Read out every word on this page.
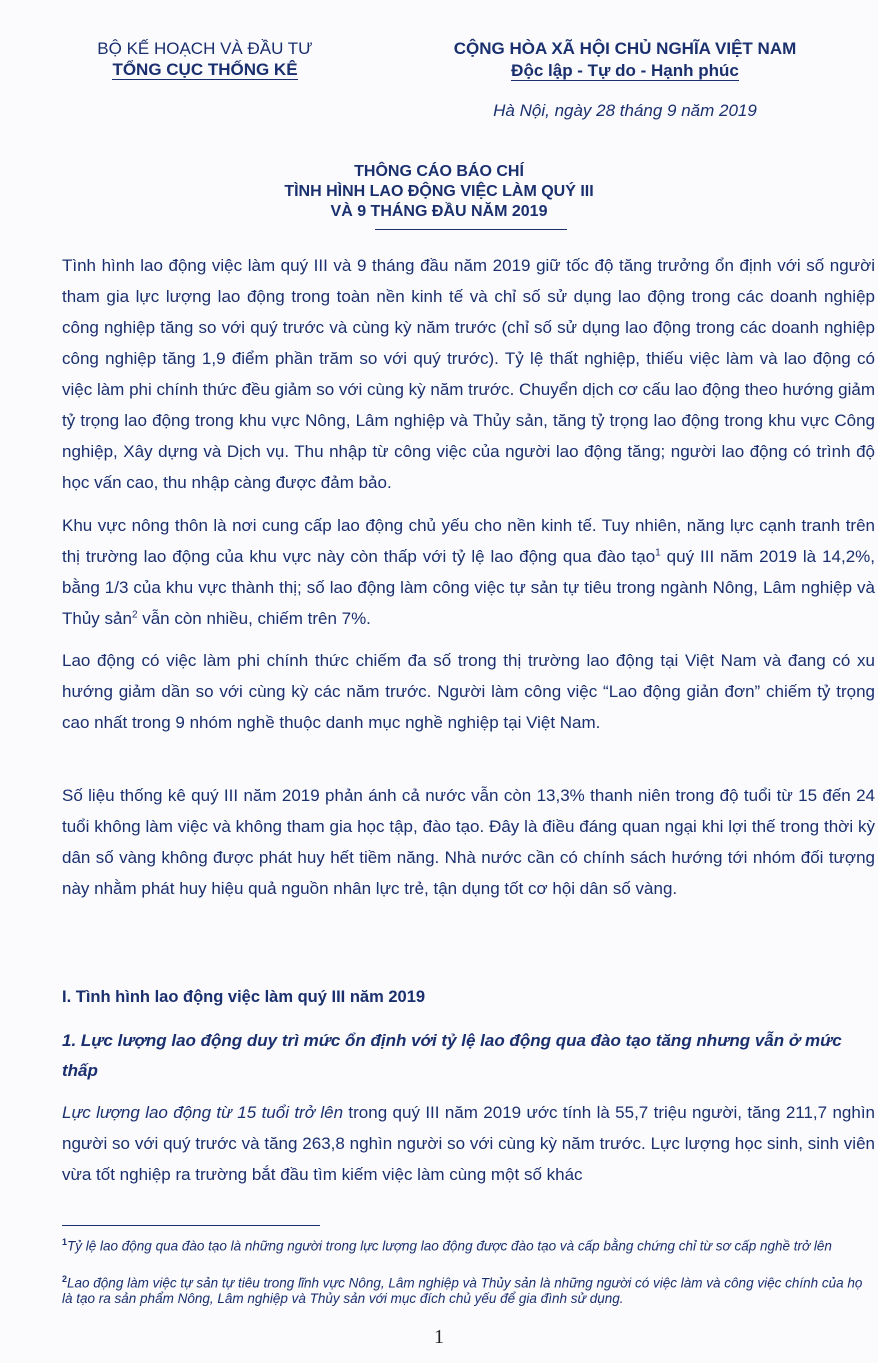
BỘ KẾ HOẠCH VÀ ĐẦU TƯ
TỔNG CỤC THỐNG KÊ
CỘNG HÒA XÃ HỘI CHỦ NGHĨA VIỆT NAM
Độc lập - Tự do - Hạnh phúc
Hà Nội, ngày 28 tháng 9 năm 2019
THÔNG CÁO BÁO CHÍ
TÌNH HÌNH LAO ĐỘNG VIỆC LÀM QUÝ III
VÀ 9 THÁNG ĐẦU NĂM 2019

Tình hình lao động việc làm quý III và 9 tháng đầu năm 2019 giữ tốc độ tăng trưởng ổn định với số người tham gia lực lượng lao động trong toàn nền kinh tế và chỉ số sử dụng lao động trong các doanh nghiệp công nghiệp tăng so với quý trước và cùng kỳ năm trước (chỉ số sử dụng lao động trong các doanh nghiệp công nghiệp tăng 1,9 điểm phần trăm so với quý trước). Tỷ lệ thất nghiệp, thiếu việc làm và lao động có việc làm phi chính thức đều giảm so với cùng kỳ năm trước. Chuyển dịch cơ cấu lao động theo hướng giảm tỷ trọng lao động trong khu vực Nông, Lâm nghiệp và Thủy sản, tăng tỷ trọng lao động trong khu vực Công nghiệp, Xây dựng và Dịch vụ. Thu nhập từ công việc của người lao động tăng; người lao động có trình độ học vấn cao, thu nhập càng được đảm bảo.

Khu vực nông thôn là nơi cung cấp lao động chủ yếu cho nền kinh tế. Tuy nhiên, năng lực cạnh tranh trên thị trường lao động của khu vực này còn thấp với tỷ lệ lao động qua đào tạo$^1$ quý III năm 2019 là 14,2%, bằng 1/3 của khu vực thành thị; số lao động làm công việc tự sản tự tiêu trong ngành Nông, Lâm nghiệp và Thủy sản$^2$ vẫn còn nhiều, chiếm trên 7%.

Lao động có việc làm phi chính thức chiếm đa số trong thị trường lao động tại Việt Nam và đang có xu hướng giảm dần so với cùng kỳ các năm trước. Người làm công việc “Lao động giản đơn” chiếm tỷ trọng cao nhất trong 9 nhóm nghề thuộc danh mục nghề nghiệp tại Việt Nam.

Số liệu thống kê quý III năm 2019 phản ánh cả nước vẫn còn 13,3% thanh niên trong độ tuổi từ 15 đến 24 tuổi không làm việc và không tham gia học tập, đào tạo. Đây là điều đáng quan ngại khi lợi thế trong thời kỳ dân số vàng không được phát huy hết tiềm năng. Nhà nước cần có chính sách hướng tới nhóm đối tượng này nhằm phát huy hiệu quả nguồn nhân lực trẻ, tận dụng tốt cơ hội dân số vàng.

I. Tình hình lao động việc làm quý III năm 2019
1. Lực lượng lao động duy trì mức ổn định với tỷ lệ lao động qua đào tạo tăng nhưng vẫn ở mức thấp

Lực lượng lao động từ 15 tuổi trở lên trong quý III năm 2019 ước tính là 55,7 triệu người, tăng 211,7 nghìn người so với quý trước và tăng 263,8 nghìn người so với cùng kỳ năm trước. Lực lượng học sinh, sinh viên vừa tốt nghiệp ra trường bắt đầu tìm kiếm việc làm cùng một số khác

$^1$Tỷ lệ lao động qua đào tạo là những người trong lực lượng lao động được đào tạo và cấp bằng chứng chỉ từ sơ cấp nghề trở lên
$^2$Lao động làm việc tự sản tự tiêu trong lĩnh vực Nông, Lâm nghiệp và Thủy sản là những người có việc làm và công việc chính của họ là tạo ra sản phẩm Nông, Lâm nghiệp và Thủy sản với mục đích chủ yếu để gia đình sử dụng.
1
